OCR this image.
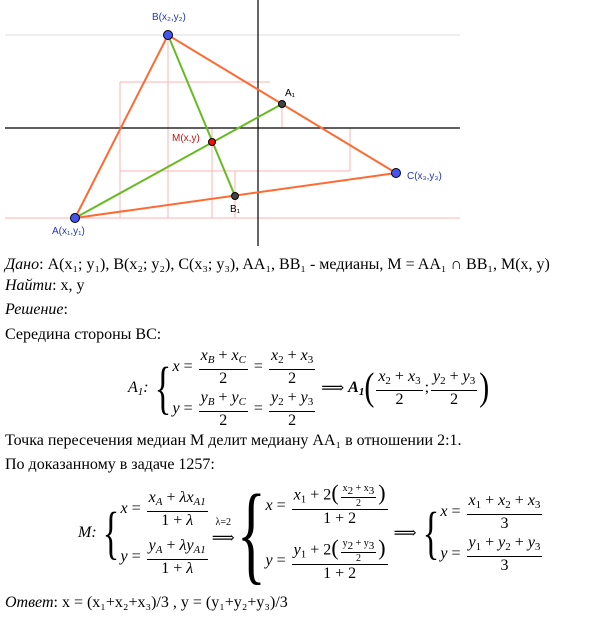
B(x₂,y₂)
A₁
M(x,y)
C(x₃,y₃)
B₁
A(x₁,y₁)
Дано: A(x₁; y₁), B(x₂; y₂), C(x₃; y₃), AA₁, BB₁ - медианы, M = AA₁ ∩ BB₁, M(x, y)
Найти: x, y
Решение:
Середина стороны BC:
$A_1$: { $x = \frac{x_B + x_C}{2} = \frac{x_2 + x_3}{2}$
$y = \frac{y_B + y_C}{2} = \frac{y_2 + y_3}{2}$ ⟹ $A_1$ ( $\frac{x_2 + x_3}{2}$ ; $\frac{y_2 + y_3}{2}$ )
Точка пересечения медиан M делит медиану AA₁ в отношении 2:1.
По доказанному в задаче 1257:
M: { $x = \frac{x_A + \lambda x_{A1}}{1 + \lambda}$
$y = \frac{y_A + \lambda y_{A1}}{1 + \lambda}$
λ=2
⟹ { $x = \frac{x_1 + 2( \frac{x2 + x3}{2} )}{1 + 2}$
$y = \frac{y_1 + 2( \frac{y2 + y3}{2} )}{1 + 2}$
⟹ { $x = \frac{x_1 + x_2 + x_3}{3}$
$y = \frac{y_1 + y_2 + y_3}{3}$
Ответ: x = (x₁+x₂+x₃)/3 , y = (y₁+y₂+y₃)/3
